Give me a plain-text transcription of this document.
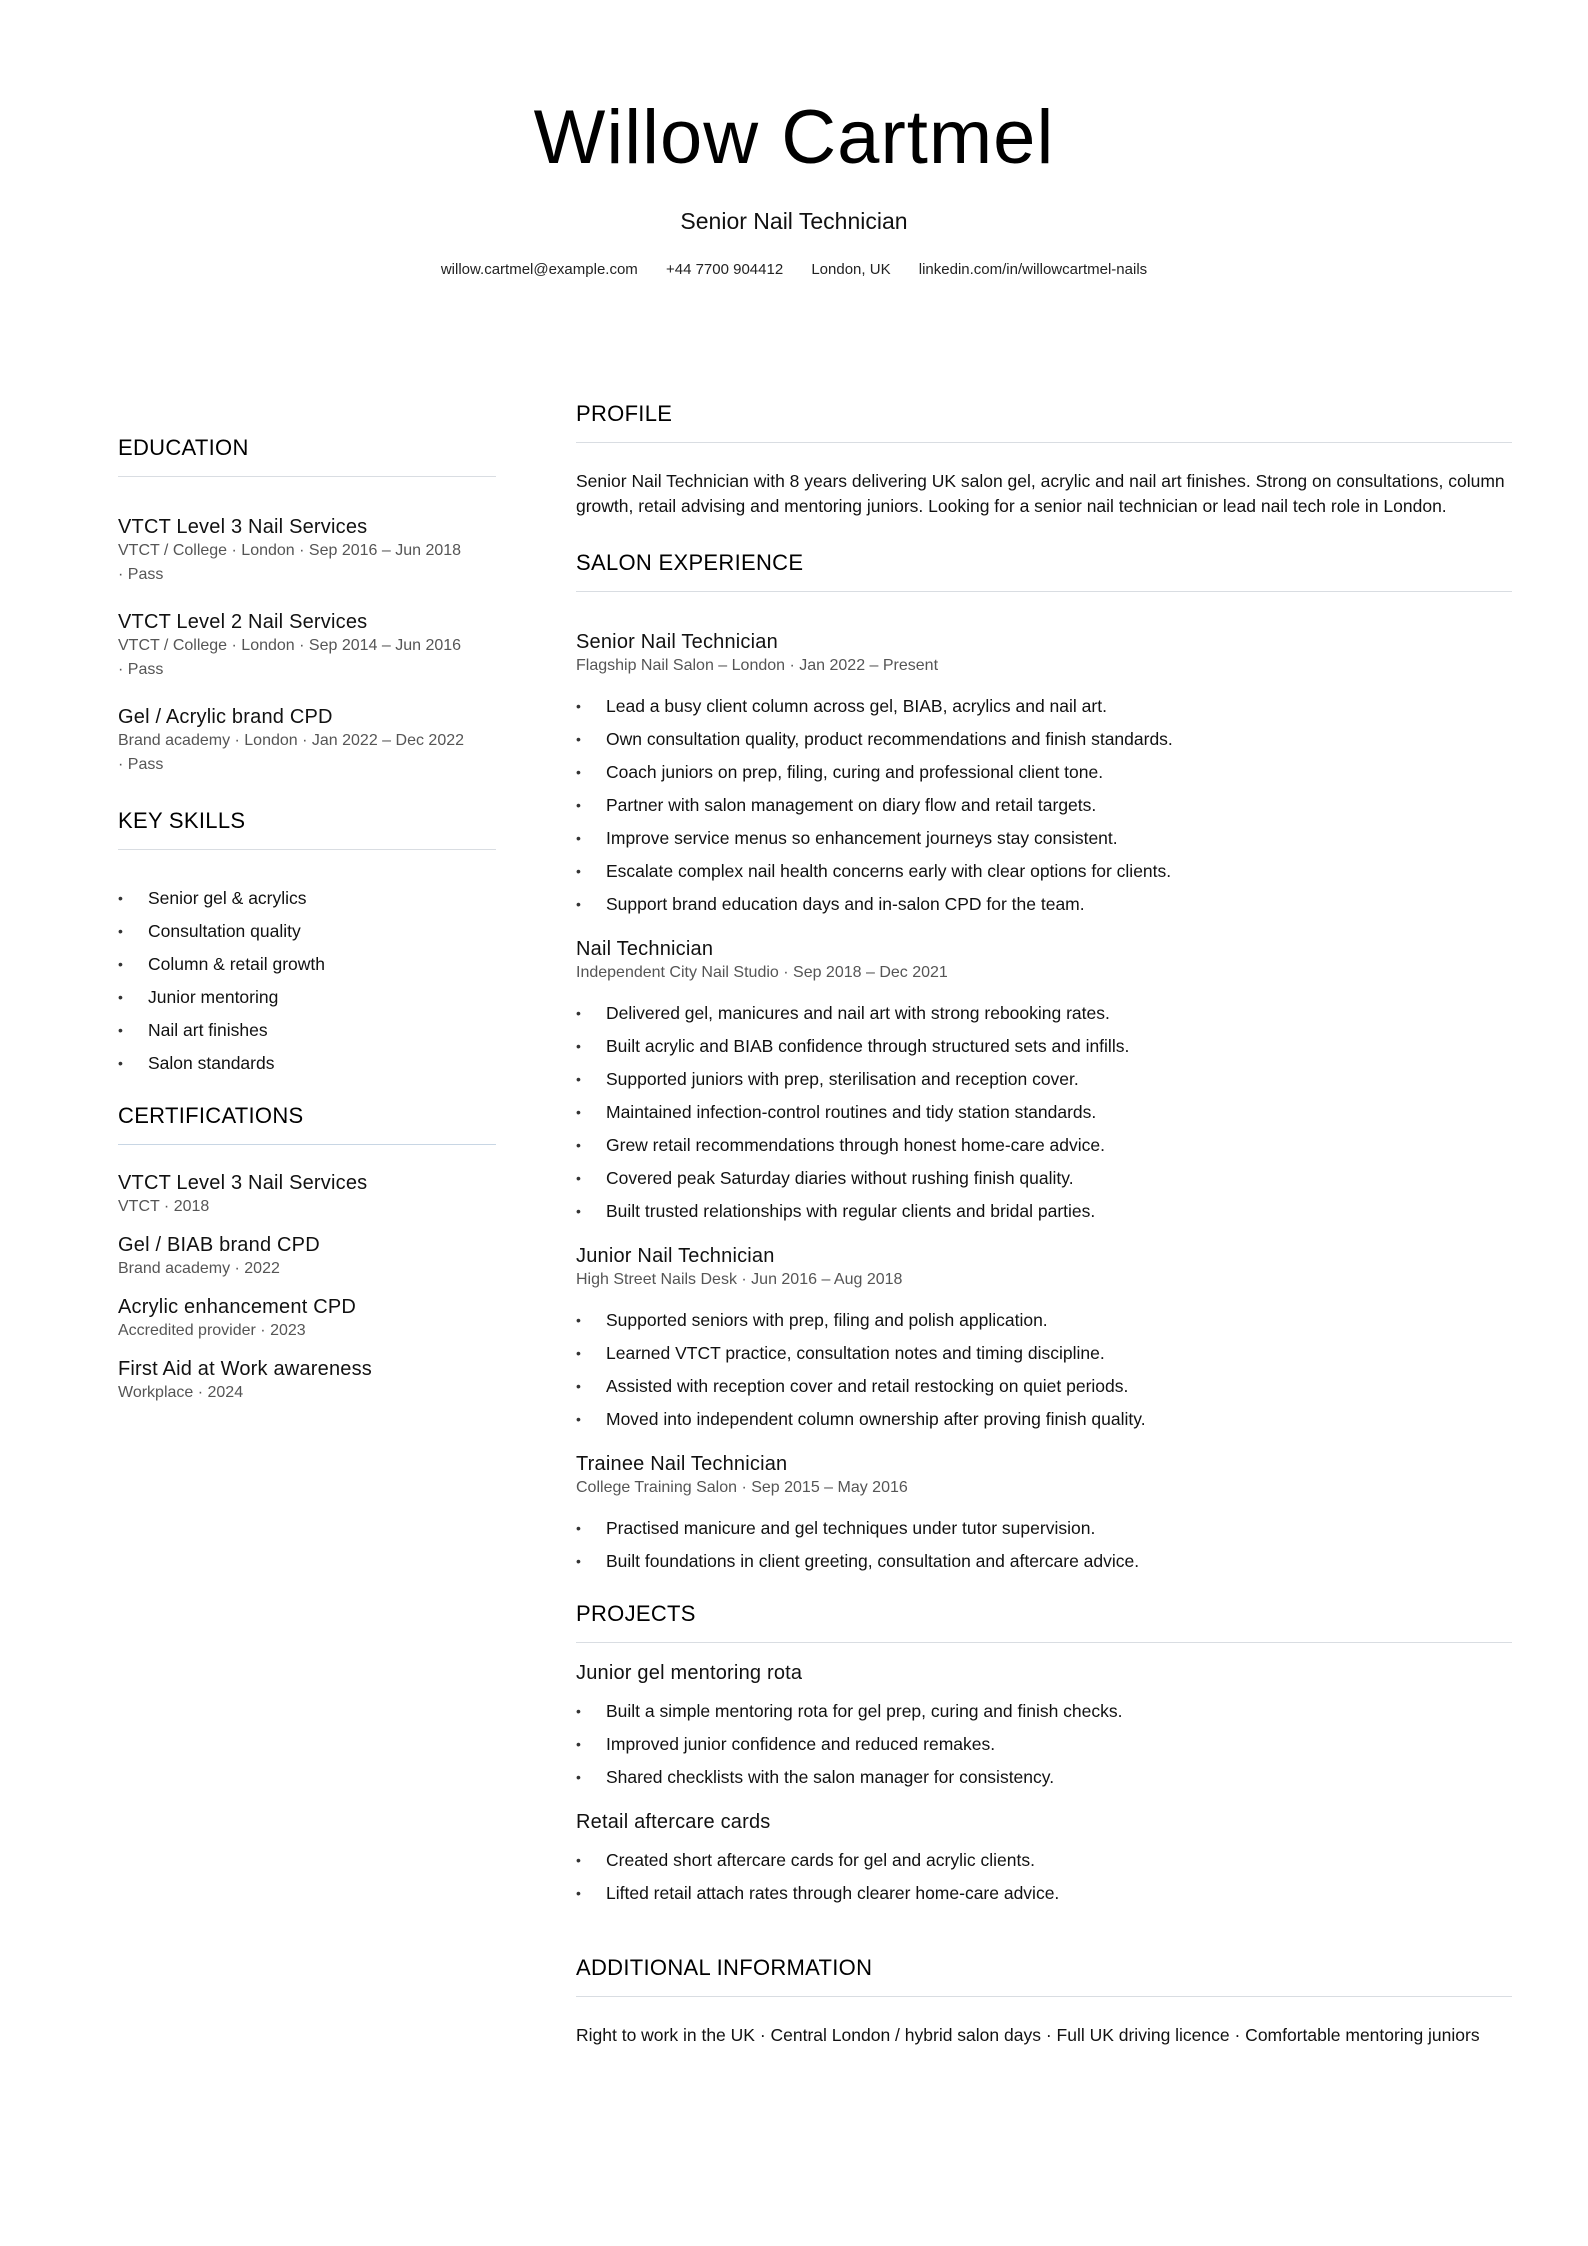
Willow Cartmel
Senior Nail Technician
willow.cartmel@example.com +44 7700 904412 London, UK linkedin.com/in/willowcartmel-nails
EDUCATION
VTCT Level 3 Nail Services
VTCT / College · London · Sep 2016 – Jun 2018
· Pass
VTCT Level 2 Nail Services
VTCT / College · London · Sep 2014 – Jun 2016
· Pass
Gel / Acrylic brand CPD
Brand academy · London · Jan 2022 – Dec 2022
· Pass
KEY SKILLS
• Senior gel & acrylics
• Consultation quality
• Column & retail growth
• Junior mentoring
• Nail art finishes
• Salon standards
CERTIFICATIONS
VTCT Level 3 Nail Services
VTCT · 2018
Gel / BIAB brand CPD
Brand academy · 2022
Acrylic enhancement CPD
Accredited provider · 2023
First Aid at Work awareness
Workplace · 2024
PROFILE
Senior Nail Technician with 8 years delivering UK salon gel, acrylic and nail art finishes. Strong on consultations, column growth, retail advising and mentoring juniors. Looking for a senior nail technician or lead nail tech role in London.
SALON EXPERIENCE
Senior Nail Technician
Flagship Nail Salon – London · Jan 2022 – Present
• Lead a busy client column across gel, BIAB, acrylics and nail art.
• Own consultation quality, product recommendations and finish standards.
• Coach juniors on prep, filing, curing and professional client tone.
• Partner with salon management on diary flow and retail targets.
• Improve service menus so enhancement journeys stay consistent.
• Escalate complex nail health concerns early with clear options for clients.
• Support brand education days and in-salon CPD for the team.
Nail Technician
Independent City Nail Studio · Sep 2018 – Dec 2021
• Delivered gel, manicures and nail art with strong rebooking rates.
• Built acrylic and BIAB confidence through structured sets and infills.
• Supported juniors with prep, sterilisation and reception cover.
• Maintained infection-control routines and tidy station standards.
• Grew retail recommendations through honest home-care advice.
• Covered peak Saturday diaries without rushing finish quality.
• Built trusted relationships with regular clients and bridal parties.
Junior Nail Technician
High Street Nails Desk · Jun 2016 – Aug 2018
• Supported seniors with prep, filing and polish application.
• Learned VTCT practice, consultation notes and timing discipline.
• Assisted with reception cover and retail restocking on quiet periods.
• Moved into independent column ownership after proving finish quality.
Trainee Nail Technician
College Training Salon · Sep 2015 – May 2016
• Practised manicure and gel techniques under tutor supervision.
• Built foundations in client greeting, consultation and aftercare advice.
PROJECTS
Junior gel mentoring rota
• Built a simple mentoring rota for gel prep, curing and finish checks.
• Improved junior confidence and reduced remakes.
• Shared checklists with the salon manager for consistency.
Retail aftercare cards
• Created short aftercare cards for gel and acrylic clients.
• Lifted retail attach rates through clearer home-care advice.
ADDITIONAL INFORMATION
Right to work in the UK · Central London / hybrid salon days · Full UK driving licence · Comfortable mentoring juniors
